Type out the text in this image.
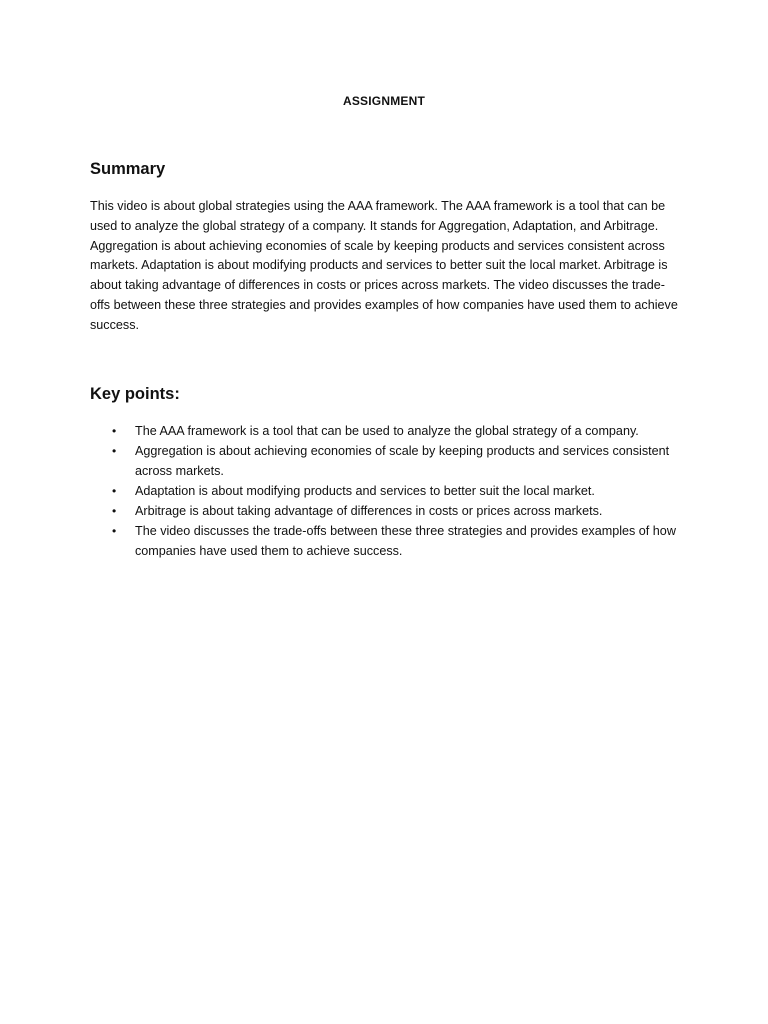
ASSIGNMENT
Summary
This video is about global strategies using the AAA framework. The AAA framework is a tool that can be used to analyze the global strategy of a company. It stands for Aggregation, Adaptation, and Arbitrage. Aggregation is about achieving economies of scale by keeping products and services consistent across markets. Adaptation is about modifying products and services to better suit the local market. Arbitrage is about taking advantage of differences in costs or prices across markets. The video discusses the trade-offs between these three strategies and provides examples of how companies have used them to achieve success.
Key points:
• The AAA framework is a tool that can be used to analyze the global strategy of a company.
• Aggregation is about achieving economies of scale by keeping products and services consistent across markets.
• Adaptation is about modifying products and services to better suit the local market.
• Arbitrage is about taking advantage of differences in costs or prices across markets.
• The video discusses the trade-offs between these three strategies and provides examples of how companies have used them to achieve success.
